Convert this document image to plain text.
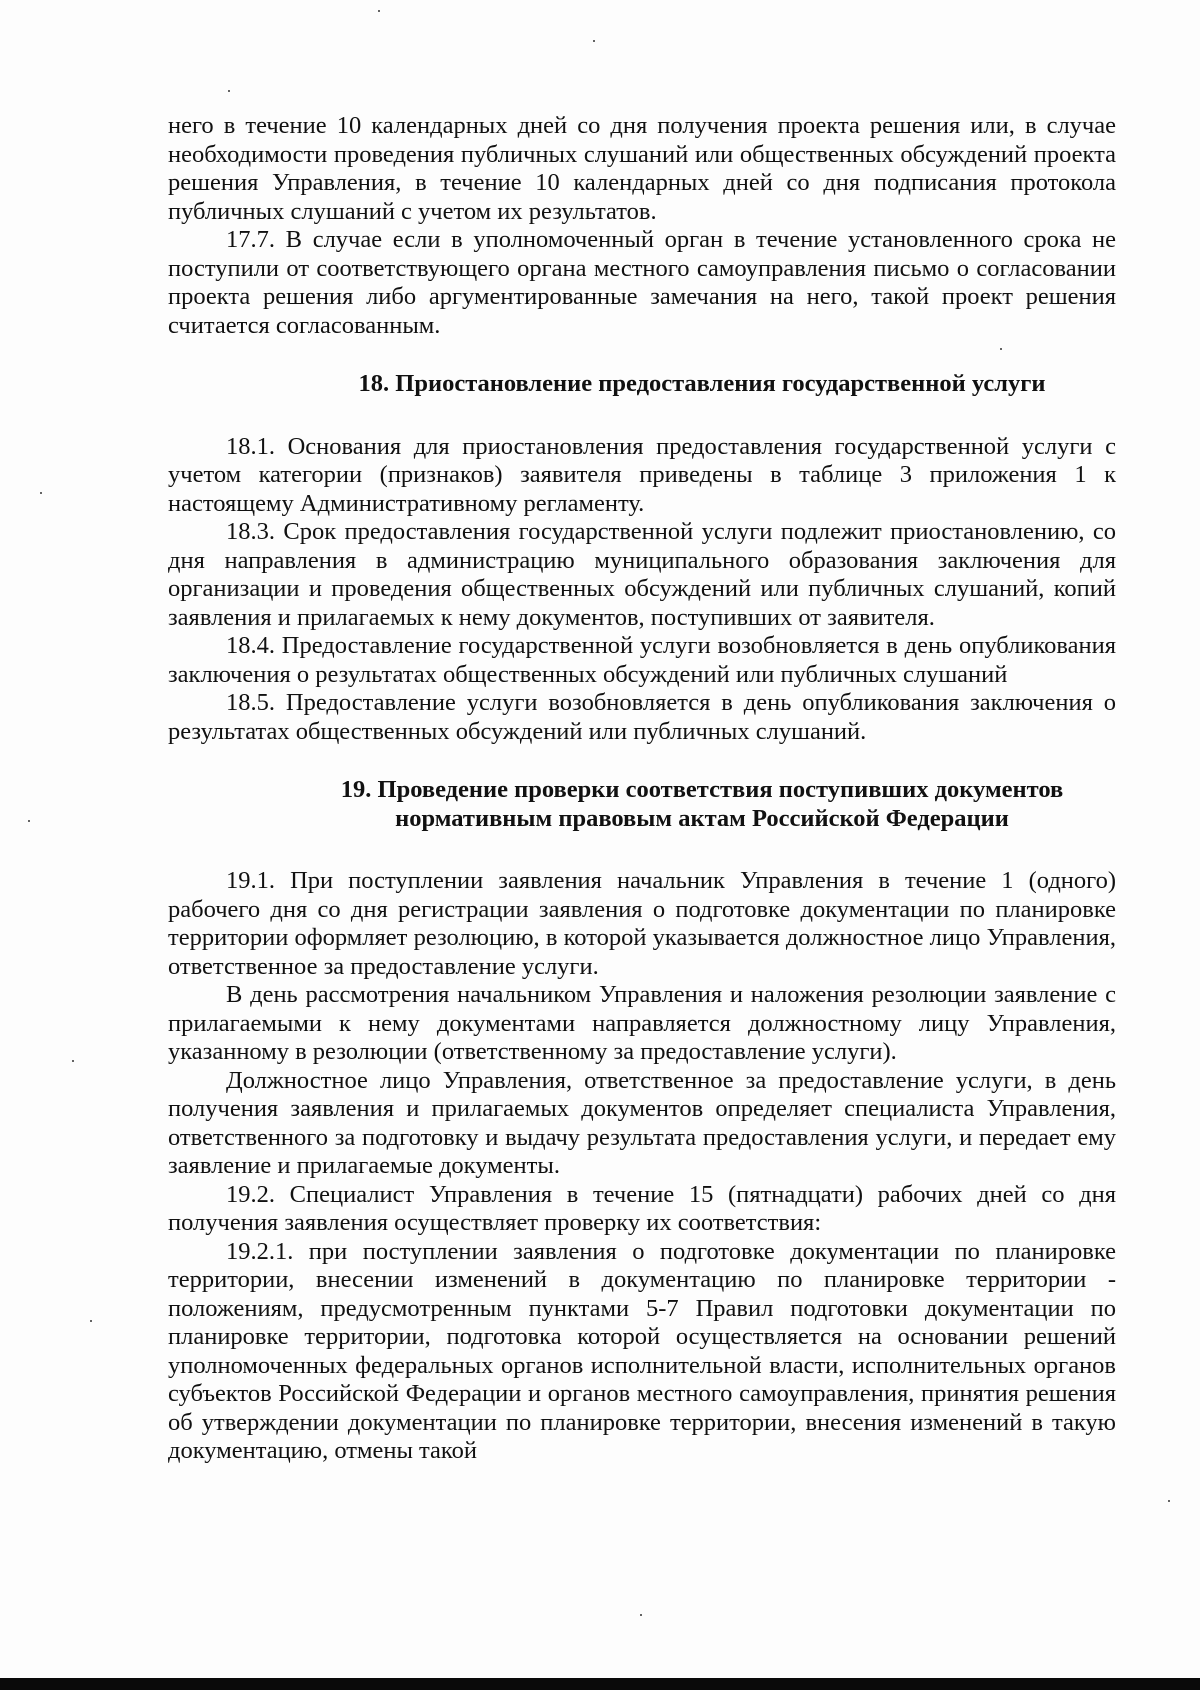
него в течение 10 календарных дней со дня получения проекта решения или, в случае необходимости проведения публичных слушаний или общественных обсуждений проекта решения Управления, в течение 10 календарных дней со дня подписания протокола публичных слушаний с учетом их результатов.

17.7. В случае если в уполномоченный орган в течение установленного срока не поступили от соответствующего органа местного самоуправления письмо о согласовании проекта решения либо аргументированные замечания на него, такой проект решения считается согласованным.

18. Приостановление предоставления государственной услуги

18.1. Основания для приостановления предоставления государственной услуги с учетом категории (признаков) заявителя приведены в таблице 3 приложения 1 к настоящему Административному регламенту.

18.3. Срок предоставления государственной услуги подлежит приостановлению, со дня направления в администрацию муниципального образования заключения для организации и проведения общественных обсуждений или публичных слушаний, копий заявления и прилагаемых к нему документов, поступивших от заявителя.

18.4. Предоставление государственной услуги возобновляется в день опубликования заключения о результатах общественных обсуждений или публичных слушаний

18.5. Предоставление услуги возобновляется в день опубликования заключения о результатах общественных обсуждений или публичных слушаний.

19. Проведение проверки соответствия поступивших документов
нормативным правовым актам Российской Федерации

19.1. При поступлении заявления начальник Управления в течение 1 (одного) рабочего дня со дня регистрации заявления о подготовке документации по планировке территории оформляет резолюцию, в которой указывается должностное лицо Управления, ответственное за предоставление услуги.

В день рассмотрения начальником Управления и наложения резолюции заявление с прилагаемыми к нему документами направляется должностному лицу Управления, указанному в резолюции (ответственному за предоставление услуги).

Должностное лицо Управления, ответственное за предоставление услуги, в день получения заявления и прилагаемых документов определяет специалиста Управления, ответственного за подготовку и выдачу результата предоставления услуги, и передает ему заявление и прилагаемые документы.

19.2. Специалист Управления в течение 15 (пятнадцати) рабочих дней со дня получения заявления осуществляет проверку их соответствия:

19.2.1. при поступлении заявления о подготовке документации по планировке территории, внесении изменений в документацию по планировке территории - положениям, предусмотренным пунктами 5-7 Правил подготовки документации по планировке территории, подготовка которой осуществляется на основании решений уполномоченных федеральных органов исполнительной власти, исполнительных органов субъектов Российской Федерации и органов местного самоуправления, принятия решения об утверждении документации по планировке территории, внесения изменений в такую документацию, отмены такой
